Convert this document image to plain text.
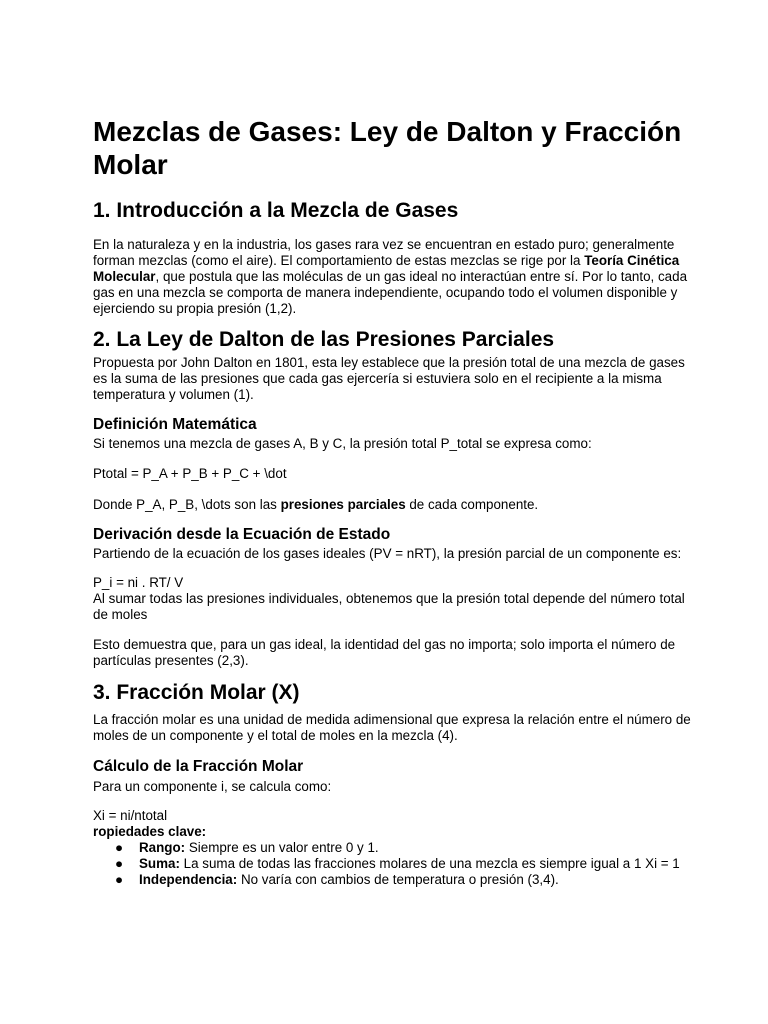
Mezclas de Gases: Ley de Dalton y Fracción Molar
1. Introducción a la Mezcla de Gases

En la naturaleza y en la industria, los gases rara vez se encuentran en estado puro; generalmente forman mezclas (como el aire). El comportamiento de estas mezclas se rige por la Teoría Cinética Molecular, que postula que las moléculas de un gas ideal no interactúan entre sí. Por lo tanto, cada gas en una mezcla se comporta de manera independiente, ocupando todo el volumen disponible y ejerciendo su propia presión (1,2).

2. La Ley de Dalton de las Presiones Parciales

Propuesta por John Dalton en 1801, esta ley establece que la presión total de una mezcla de gases es la suma de las presiones que cada gas ejercería si estuviera solo en el recipiente a la misma temperatura y volumen (1).

Definición Matemática

Si tenemos una mezcla de gases A, B y C, la presión total P_total se expresa como:

Ptotal = P_A + P_B + P_C + \dot

Donde P_A, P_B, \dots son las presiones parciales de cada componente.

Derivación desde la Ecuación de Estado

Partiendo de la ecuación de los gases ideales (PV = nRT), la presión parcial de un componente es:

P_i = ni . RT/ V

Al sumar todas las presiones individuales, obtenemos que la presión total depende del número total de moles

Esto demuestra que, para un gas ideal, la identidad del gas no importa; solo importa el número de partículas presentes (2,3).

3. Fracción Molar (X)

La fracción molar es una unidad de medida adimensional que expresa la relación entre el número de moles de un componente y el total de moles en la mezcla (4).

Cálculo de la Fracción Molar

Para un componente i, se calcula como:

Xi = ni/ntotal

ropiedades clave:

● Rango: Siempre es un valor entre 0 y 1.
● Suma: La suma de todas las fracciones molares de una mezcla es siempre igual a 1 Xi = 1
● Independencia: No varía con cambios de temperatura o presión (3,4).
